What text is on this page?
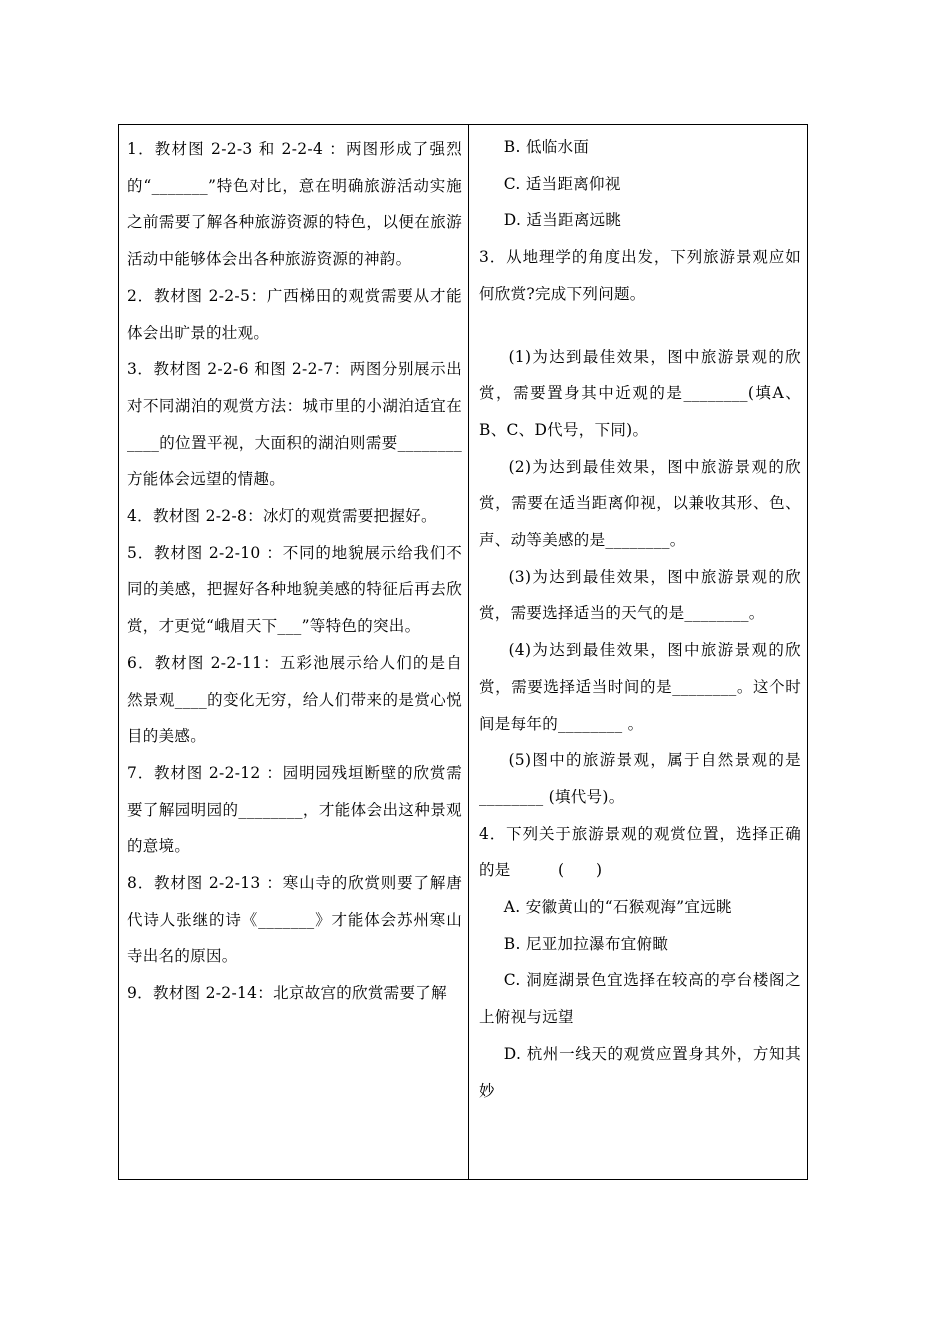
1．教材图 2-2-3 和 2-2-4 ：两图形成了强烈的“_______”特色对比，意在明确旅游活动实施之前需要了解各种旅游资源的特色，以便在旅游活动中能够体会出各种旅游资源的神韵。

2．教材图 2-2-5：广西梯田的观赏需要从才能体会出旷景的壮观。

3．教材图 2-2-6 和图 2-2-7：两图分别展示出对不同湖泊的观赏方法：城市里的小湖泊适宜在____的位置平视，大面积的湖泊则需要________方能体会远望的情趣。

4．教材图 2-2-8：冰灯的观赏需要把握好。

5．教材图 2-2-10 ：不同的地貌展示给我们不同的美感，把握好各种地貌美感的特征后再去欣赏，才更觉“峨眉天下___”等特色的突出。

6．教材图 2-2-11：五彩池展示给人们的是自然景观____的变化无穷，给人们带来的是赏心悦目的美感。

7．教材图 2-2-12 ：园明园残垣断壁的欣赏需要了解园明园的________，才能体会出这种景观的意境。

8．教材图 2-2-13 ：寒山寺的欣赏则要了解唐代诗人张继的诗《_______》才能体会苏州寒山寺出名的原因。

9．教材图 2-2-14：北京故宫的欣赏需要了解

B. 低临水面

C. 适当距离仰视

D. 适当距离远眺

3．从地理学的角度出发，下列旅游景观应如何欣赏?完成下列问题。

(1)为达到最佳效果，图中旅游景观的欣赏，需要置身其中近观的是________(填A、B、C、D代号，下同)。

(2)为达到最佳效果，图中旅游景观的欣赏，需要在适当距离仰视，以兼收其形、色、声、动等美感的是________。

(3)为达到最佳效果，图中旅游景观的欣赏，需要选择适当的天气的是________。

(4)为达到最佳效果，图中旅游景观的欣赏，需要选择适当时间的是________。这个时间是每年的________ 。

(5)图中的旅游景观，属于自然景观的是________ (填代号)。

4．下列关于旅游景观的观赏位置，选择正确的是　　　(　　)

A. 安徽黄山的“石猴观海”宜远眺

B. 尼亚加拉瀑布宜俯瞰

C. 洞庭湖景色宜选择在较高的亭台楼阁之上俯视与远望

D. 杭州一线天的观赏应置身其外，方知其妙
